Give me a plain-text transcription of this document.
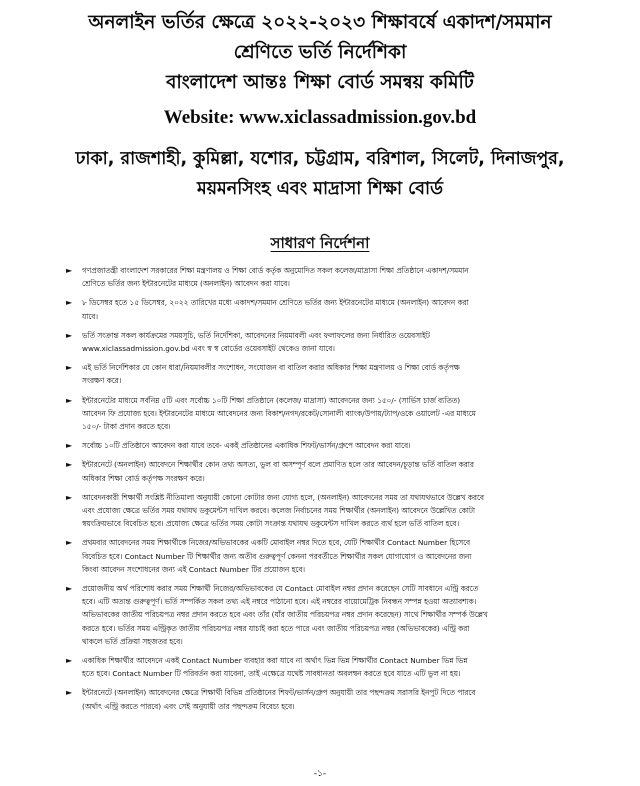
অনলাইন ভর্তির ক্ষেত্রে ২০২২-২০২৩ শিক্ষাবর্ষে একাদশ/সমমান
শ্রেণিতে ভর্তি নির্দেশিকা
বাংলাদেশ আন্তঃ শিক্ষা বোর্ড সমন্বয় কমিটি
Website: www.xiclassadmission.gov.bd
ঢাকা, রাজশাহী, কুমিল্লা, যশোর, চট্টগ্রাম, বরিশাল, সিলেট, দিনাজপুর,
ময়মনসিংহ এবং মাদ্রাসা শিক্ষা বোর্ড
সাধারণ নির্দেশনা
► গণপ্রজাতন্ত্রী বাংলাদেশ সরকারের শিক্ষা মন্ত্রণালয় ও শিক্ষা বোর্ড কর্তৃক অনুমোদিত সকল কলেজ/মাদ্রাসা শিক্ষা প্রতিষ্ঠানে একাদশ/সমমান
শ্রেণিতে ভর্তির জন্য ইন্টারনেটের মাধ্যমে (অনলাইন) আবেদন করা যাবে।
► ৮ ডিসেম্বর হতে ১৫ ডিসেম্বর, ২০২২ তারিখের মধ্যে একাদশ/সমমান শ্রেণিতে ভর্তির জন্য ইন্টারনেটের মাধ্যমে (অনলাইন) আবেদন করা
যাবে।
► ভর্তি সংক্রান্ত সকল কার্যক্রমের সময়সূচি, ভর্তি নির্দেশিকা, আবেদনের নিয়মাবলী এবং ফলাফলের জন্য নির্ধারিত ওয়েবসাইট
www.xiclassadmission.gov.bd এবং স্ব স্ব বোর্ডের ওয়েবসাইট থেকেও জানা যাবে।
► এই ভর্তি নির্দেশিকার যে কোন ধারা/নিয়মাবলীর সংশোধন, সংযোজন বা বাতিল করার অধিকার শিক্ষা মন্ত্রণালয় ও শিক্ষা বোর্ড কর্তৃপক্ষ
সংরক্ষণ করে।
► ইন্টারনেটের মাধ্যমে সর্বনিম্ন ৫টি এবং সর্বোচ্চ ১০টি শিক্ষা প্রতিষ্ঠানে (কলেজ/ মাদ্রাসা) আবেদনের জন্য ১৫০/- (সার্ভিস চার্জ ব্যতিত)
আবেদন ফি প্রযোজ্য হবে। ইন্টারনেটের মাধ্যমে আবেদনের জন্য বিকাশ/নগদ/রকেট/সোনালী ব্যাংক/উপায়/ট্যাপ/ওকে ওয়ালেট -এর মাধ্যমে
১৫০/- টাকা প্রদান করতে হবে।
► সর্বোচ্চ ১০টি প্রতিষ্ঠানে আবেদন করা যাবে তবে- একই প্রতিষ্ঠানের একাধিক শিফট/ভার্সন/গ্রুপে আবেদন করা যাবে।
► ইন্টারনেটে (অনলাইন) আবেদনে শিক্ষার্থীর কোন তথ্য অসত্য, ভুল বা অসম্পূর্ণ বলে প্রমাণিত হলে তার আবেদন/চূড়ান্ত ভর্তি বাতিল করার
অধিকার শিক্ষা বোর্ড কর্তৃপক্ষ সংরক্ষণ করে।
► আবেদনকারী শিক্ষার্থী সংশ্লিষ্ট নীতিমালা অনুযায়ী কোনো কোটার জন্য যোগ্য হলে, (অনলাইন) আবেদনের সময় তা যথাযথভাবে উল্লেখ করবে
এবং প্রযোজ্য ক্ষেত্রে ভর্তির সময় যথাযথ ডকুমেন্টস দাখিল করবে। কলেজ নির্বাচনের সময় শিক্ষার্থীর (অনলাইন) আবেদনে উল্লেখিত কোটা
স্বয়ংক্রিয়ভাবে বিবেচিত হবে। প্রযোজ্য ক্ষেত্রে ভর্তির সময় কোটা সংক্রান্ত যথাযথ ডকুমেন্টস দাখিল করতে ব্যর্থ হলে ভর্তি বাতিল হবে।
► প্রথমবার আবেদনের সময় শিক্ষার্থীকে নিজের/অভিভাবকের একটি মোবাইল নম্বর দিতে হবে, যেটি শিক্ষার্থীর Contact Number হিসেবে
বিবেচিত হবে। Contact Number টি শিক্ষার্থীর জন্য অতীব গুরুত্বপূর্ণ কেননা পরবর্তীতে শিক্ষার্থীর সকল যোগাযোগ ও আবেদনের জন্য
কিংবা আবেদন সংশোধনের জন্য এই Contact Number টির প্রয়োজন হবে।
► প্রয়োজনীয় অর্থ পরিশোধ করার সময় শিক্ষার্থী নিজের/অভিভাবকের যে Contact মোবাইল নম্বর প্রদান করেছেন সেটি সাবধানে এন্ট্রি করতে
হবে। এটি অত্যন্ত গুরুত্বপূর্ণ। ভর্তি সম্পর্কিত সকল তথ্য এই নম্বরে পাঠানো হবে। এই নম্বরের বায়োমেট্রিক নিবন্ধন সম্পন্ন হওয়া অত্যাবশ্যক।
অভিভাবকের জাতীয় পরিচয়পত্র নম্বর প্রদান করতে হবে এবং তাঁর (যাঁর জাতীয় পরিচয়পত্র নম্বর প্রদান করেছেন) সাথে শিক্ষার্থীর সম্পর্ক উল্লেখ
করতে হবে। ভর্তির সময় এন্ট্রিকৃত জাতীয় পরিচয়পত্র নম্বর যাচাই করা হতে পারে এবং জাতীয় পরিচয়পত্র নম্বর (অভিভাবকের) এন্ট্রি করা
থাকলে ভর্তি প্রক্রিয়া সহজতর হবে।
► একাধিক শিক্ষার্থীর আবেদনে একই Contact Number ব্যবহার করা যাবে না অর্থাৎ ভিন্ন ভিন্ন শিক্ষার্থীর Contact Number ভিন্ন ভিন্ন
হতে হবে। Contact Number টি পরিবর্তন করা যাবেনা, তাই এক্ষেত্রে যথেষ্ট সাবধানতা অবলম্বন করতে হবে যাতে এটি ভুল না হয়।
► ইন্টারনেটে (অনলাইন) আবেদনের ক্ষেত্রে শিক্ষার্থী বিভিন্ন প্রতিষ্ঠানের শিফট/ভার্সন/গ্রুপ অনুযায়ী তার পছন্দক্রম সরাসরি ইনপুট দিতে পারবে
(অর্থাৎ এন্ট্রি করতে পারবে) এবং সেই অনুযায়ী তার পছন্দক্রম বিবেচ্য হবে।
-১-
